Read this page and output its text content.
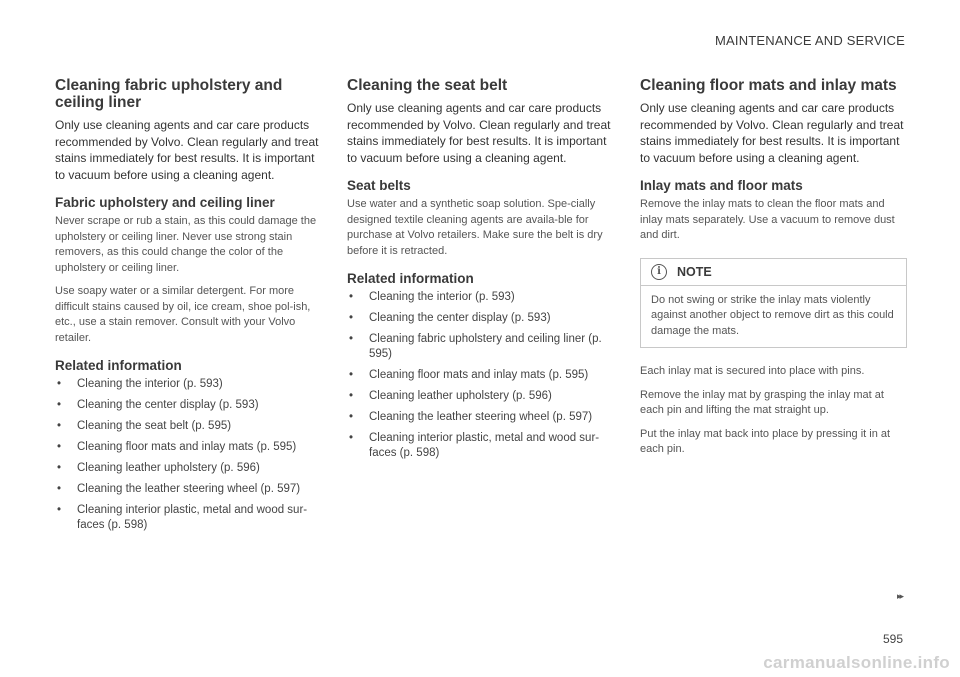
MAINTENANCE AND SERVICE
Cleaning fabric upholstery and ceiling liner

Only use cleaning agents and car care products recommended by Volvo. Clean regularly and treat stains immediately for best results. It is important to vacuum before using a cleaning agent.

Fabric upholstery and ceiling liner

Never scrape or rub a stain, as this could damage the upholstery or ceiling liner. Never use strong stain removers, as this could change the color of the upholstery or ceiling liner.

Use soapy water or a similar detergent. For more difficult stains caused by oil, ice cream, shoe pol-ish, etc., use a stain remover. Consult with your Volvo retailer.

Related information
• Cleaning the interior (p. 593)
• Cleaning the center display (p. 593)
• Cleaning the seat belt (p. 595)
• Cleaning floor mats and inlay mats (p. 595)
• Cleaning leather upholstery (p. 596)
• Cleaning the leather steering wheel (p. 597)
• Cleaning interior plastic, metal and wood sur-faces (p. 598)
Cleaning the seat belt

Only use cleaning agents and car care products recommended by Volvo. Clean regularly and treat stains immediately for best results. It is important to vacuum before using a cleaning agent.

Seat belts

Use water and a synthetic soap solution. Spe-cially designed textile cleaning agents are availa-ble for purchase at Volvo retailers. Make sure the belt is dry before it is retracted.

Related information
• Cleaning the interior (p. 593)
• Cleaning the center display (p. 593)
• Cleaning fabric upholstery and ceiling liner (p. 595)
• Cleaning floor mats and inlay mats (p. 595)
• Cleaning leather upholstery (p. 596)
• Cleaning the leather steering wheel (p. 597)
• Cleaning interior plastic, metal and wood sur-faces (p. 598)
Cleaning floor mats and inlay mats

Only use cleaning agents and car care products recommended by Volvo. Clean regularly and treat stains immediately for best results. It is important to vacuum before using a cleaning agent.

Inlay mats and floor mats

Remove the inlay mats to clean the floor mats and inlay mats separately. Use a vacuum to remove dust and dirt.

i	NOTE
Do not swing or strike the inlay mats violently against another object to remove dirt as this could damage the mats.

Each inlay mat is secured into place with pins.

Remove the inlay mat by grasping the inlay mat at each pin and lifting the mat straight up.

Put the inlay mat back into place by pressing it in at each pin.

▸▸
595
carmanualsonline.info
